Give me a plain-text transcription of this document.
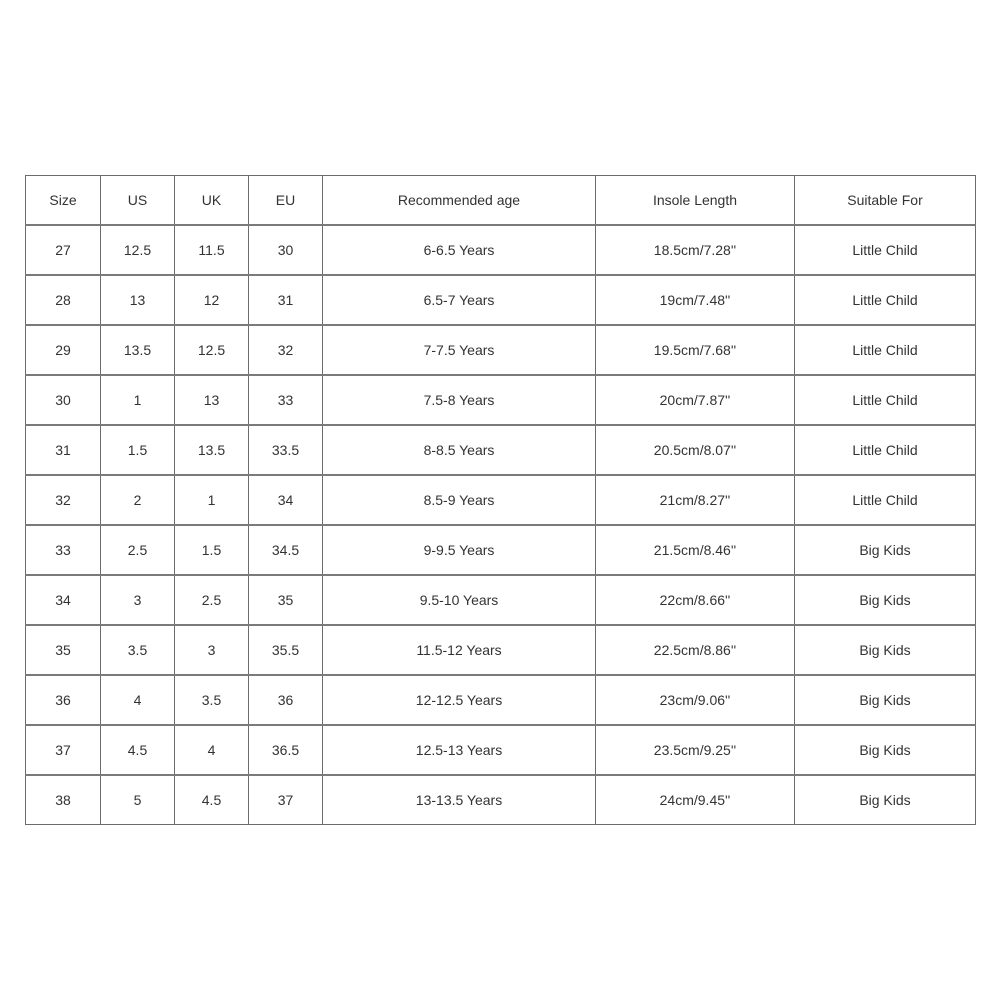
Size	US	UK	EU	Recommended age	Insole Length	Suitable For
27	12.5	11.5	30	6-6.5 Years	18.5cm/7.28''	Little Child
28	13	12	31	6.5-7 Years	19cm/7.48''	Little Child
29	13.5	12.5	32	7-7.5 Years	19.5cm/7.68''	Little Child
30	1	13	33	7.5-8 Years	20cm/7.87''	Little Child
31	1.5	13.5	33.5	8-8.5 Years	20.5cm/8.07''	Little Child
32	2	1	34	8.5-9 Years	21cm/8.27''	Little Child
33	2.5	1.5	34.5	9-9.5 Years	21.5cm/8.46''	Big Kids
34	3	2.5	35	9.5-10 Years	22cm/8.66''	Big Kids
35	3.5	3	35.5	11.5-12 Years	22.5cm/8.86''	Big Kids
36	4	3.5	36	12-12.5 Years	23cm/9.06''	Big Kids
37	4.5	4	36.5	12.5-13 Years	23.5cm/9.25''	Big Kids
38	5	4.5	37	13-13.5 Years	24cm/9.45''	Big Kids
